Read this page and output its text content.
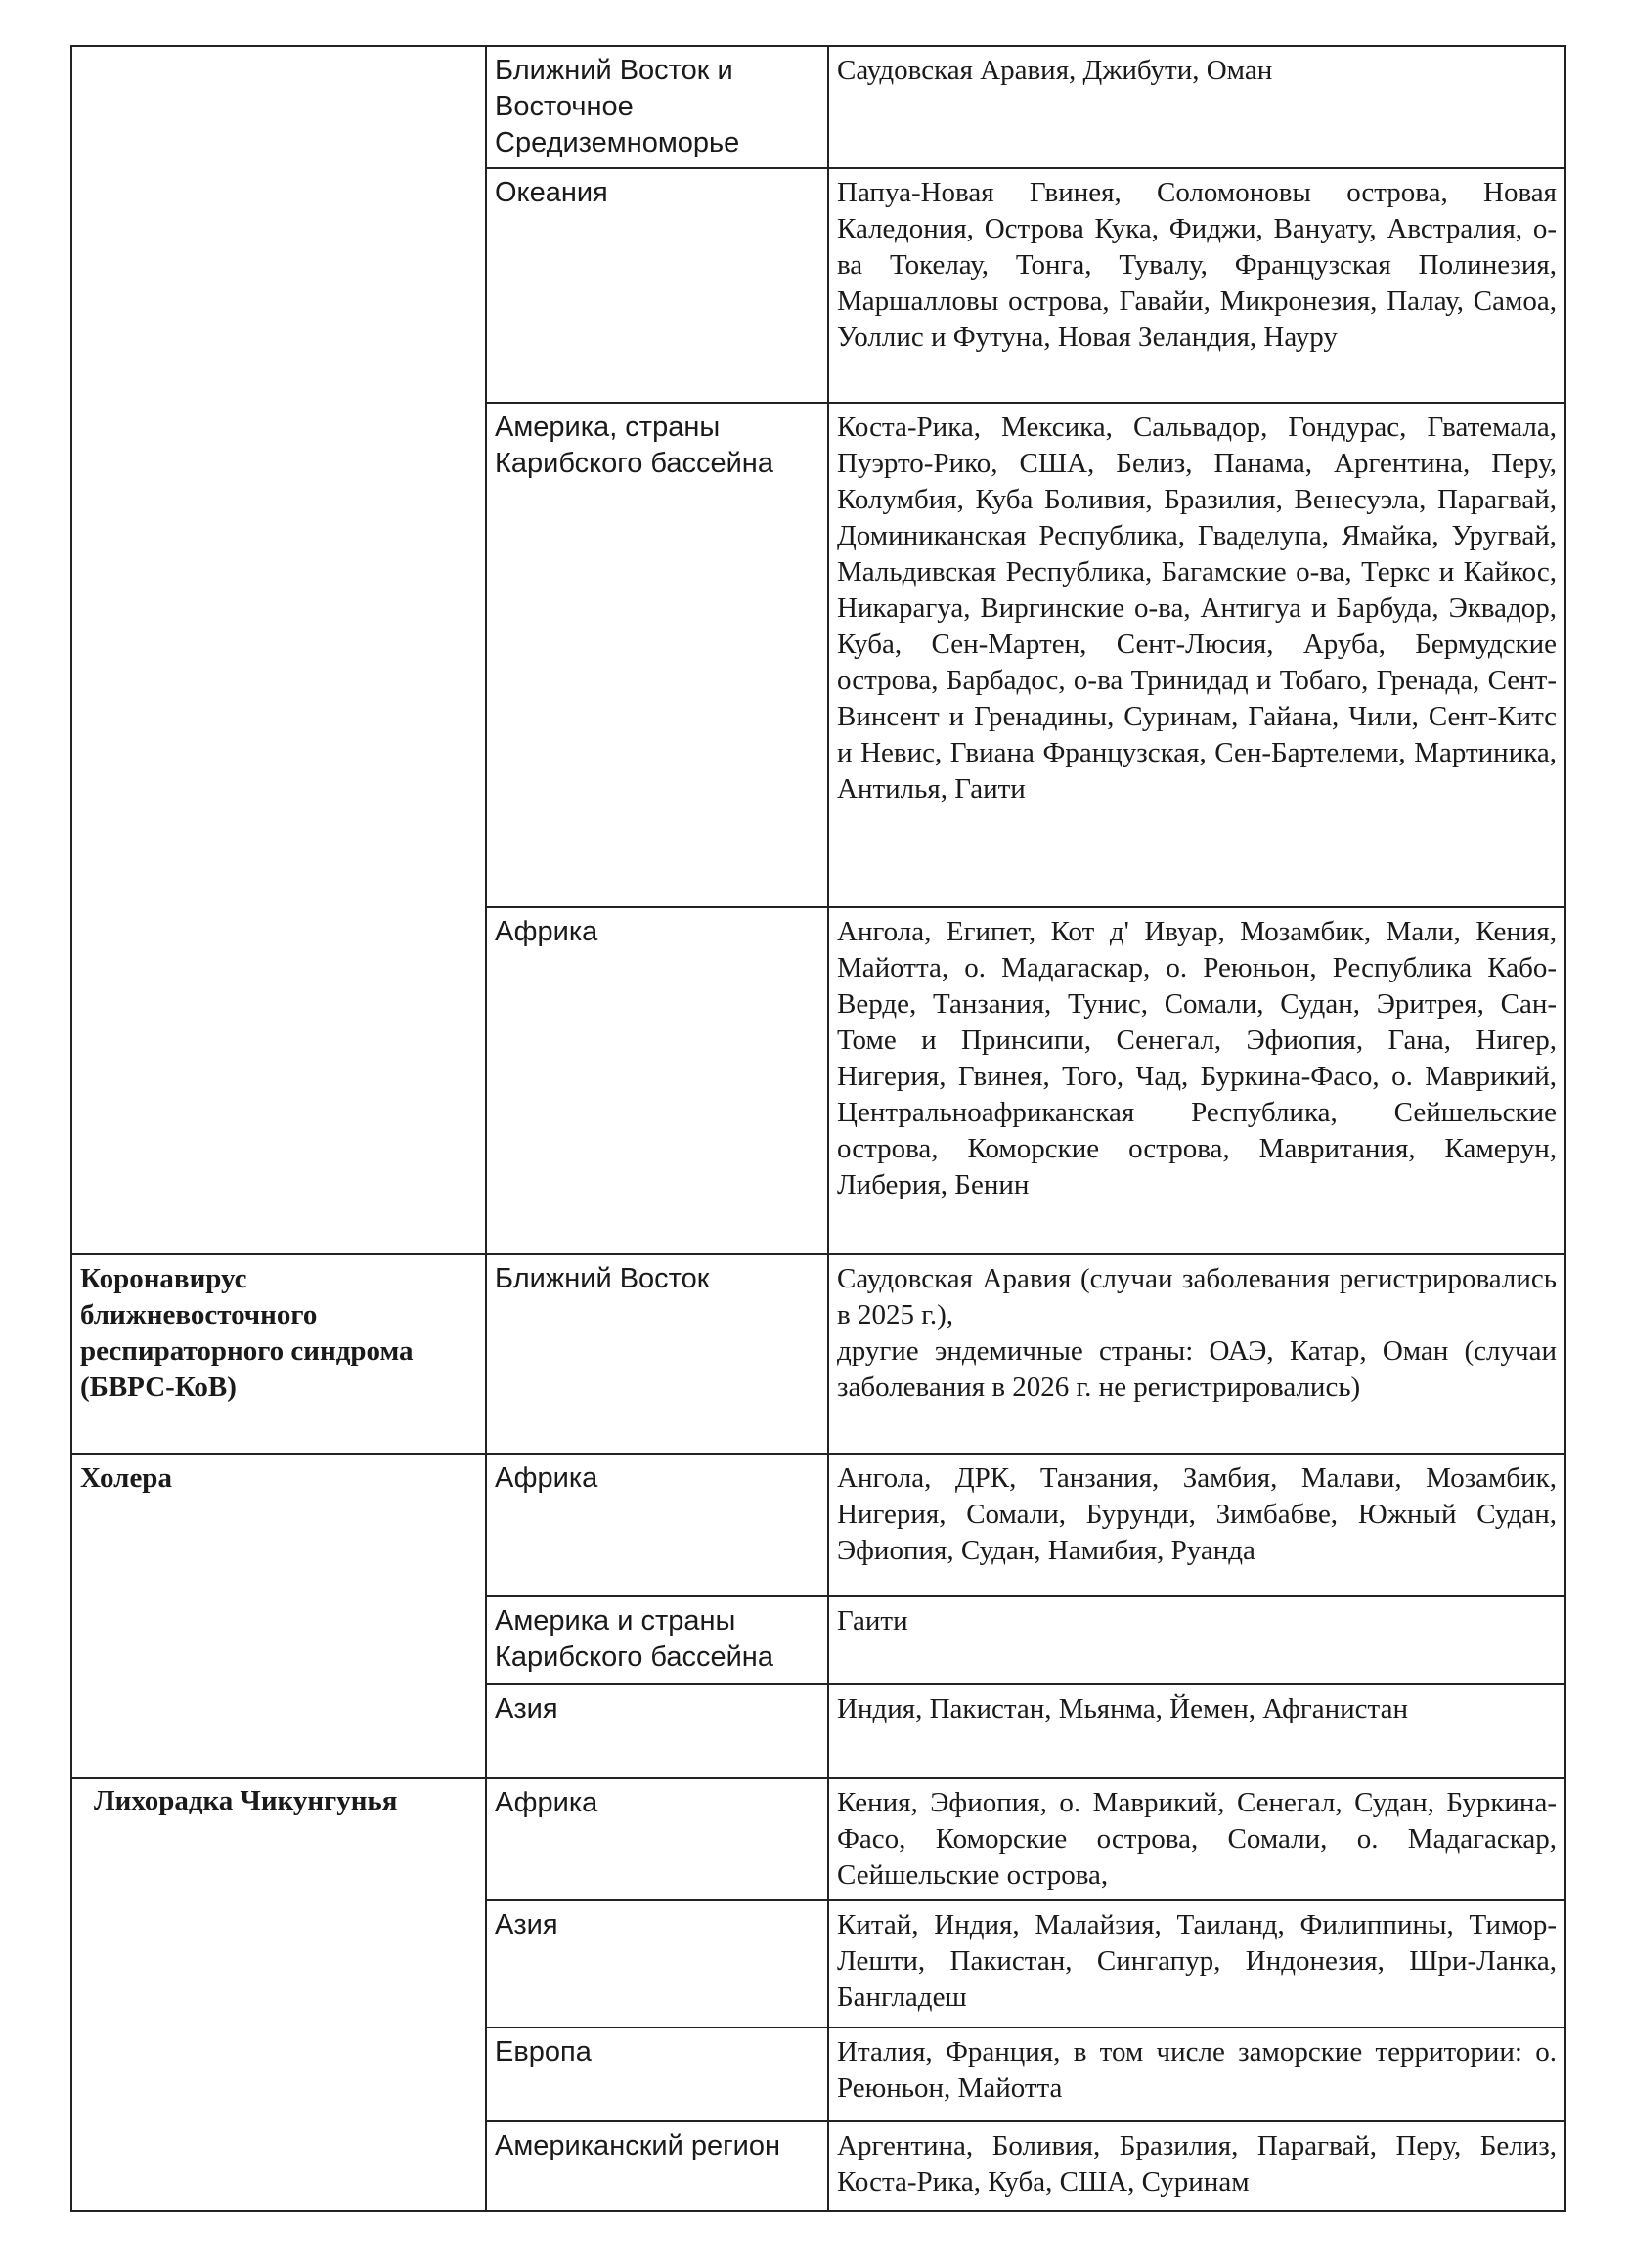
	Ближний Восток и Восточное Средиземноморье	Саудовская Аравия, Джибути, Оман
	Океания	Папуа-Новая Гвинея, Соломоновы острова, Новая Каледония, Острова Кука, Фиджи, Вануату, Австралия, о-ва Токелау, Тонга, Тувалу, Французская Полинезия, Маршалловы острова, Гавайи, Микронезия, Палау, Самоа, Уоллис и Футуна, Новая Зеландия, Науру
	Америка, страны Карибского бассейна	Коста-Рика, Мексика, Сальвадор, Гондурас, Гватемала, Пуэрто-Рико, США, Белиз, Панама, Аргентина, Перу, Колумбия, Куба Боливия, Бразилия, Венесуэла, Парагвай, Доминиканская Республика, Гваделупа, Ямайка, Уругвай, Мальдивская Республика, Багамские о-ва, Теркс и Кайкос, Никарагуа, Виргинские о-ва, Антигуа и Барбуда, Эквадор, Куба, Сен-Мартен, Сент-Люсия, Аруба, Бермудские острова, Барбадос, о-ва Тринидад и Тобаго, Гренада, Сент-Винсент и Гренадины, Суринам, Гайана, Чили, Сент-Китс и Невис, Гвиана Французская, Сен-Бартелеми, Мартиника, Антилья, Гаити
	Африка	Ангола, Египет, Кот д' Ивуар, Мозамбик, Мали, Кения, Майотта, о. Мадагаскар, о. Реюньон, Республика Кабо-Верде, Танзания, Тунис, Сомали, Судан, Эритрея, Сан-Томе и Принсипи, Сенегал, Эфиопия, Гана, Нигер, Нигерия, Гвинея, Того, Чад, Буркина-Фасо, о. Маврикий, Центральноафриканская Республика, Сейшельские острова, Коморские острова, Мавритания, Камерун, Либерия, Бенин
Коронавирус ближневосточного респираторного синдрома (БВРС-КоВ)	Ближний Восток	Саудовская Аравия (случаи заболевания регистрировались в 2025 г.),
другие эндемичные страны: ОАЭ, Катар, Оман (случаи заболевания в 2026 г. не регистрировались)
Холера	Африка	Ангола, ДРК, Танзания, Замбия, Малави, Мозамбик, Нигерия, Сомали, Бурунди, Зимбабве, Южный Судан, Эфиопия, Судан, Намибия, Руанда
	Америка и страны Карибского бассейна	Гаити
	Азия	Индия, Пакистан, Мьянма, Йемен, Афганистан

Лихорадка Чикунгунья	Африка	Кения, Эфиопия, о. Маврикий, Сенегал, Судан, Буркина-Фасо, Коморские острова, Сомали, о. Мадагаскар, Сейшельские острова,
	Азия	Китай, Индия, Малайзия, Таиланд, Филиппины, Тимор-Лешти, Пакистан, Сингапур, Индонезия, Шри-Ланка, Бангладеш
	Европа	Италия, Франция, в том числе заморские территории: о. Реюньон, Майотта
	Американский регион	Аргентина, Боливия, Бразилия, Парагвай, Перу, Белиз, Коста-Рика, Куба, США, Суринам
